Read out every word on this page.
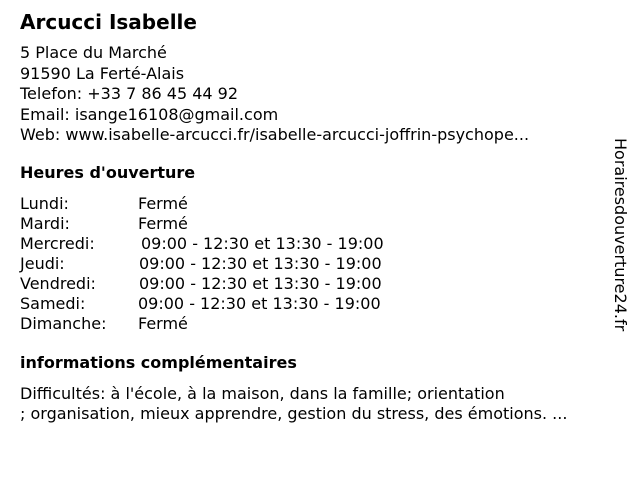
Arcucci Isabelle
5 Place du Marché
91590 La Ferté-Alais
Telefon: +33 7 86 45 44 92
Email: isange16108@gmail.com
Web: www.isabelle-arcucci.fr/isabelle-arcucci-joffrin-psychope...
Heures d'ouverture
Lundi:	Fermé
Mardi:	Fermé
Mercredi:	09:00 - 12:30 et 13:30 - 19:00
Jeudi:	09:00 - 12:30 et 13:30 - 19:00
Vendredi:	09:00 - 12:30 et 13:30 - 19:00
Samedi:	09:00 - 12:30 et 13:30 - 19:00
Dimanche: Fermé
informations complémentaires
Difficultés: à l'école, à la maison, dans la famille; orientation
; organisation, mieux apprendre, gestion du stress, des émotions. ...
Horairesdouverture24.fr
